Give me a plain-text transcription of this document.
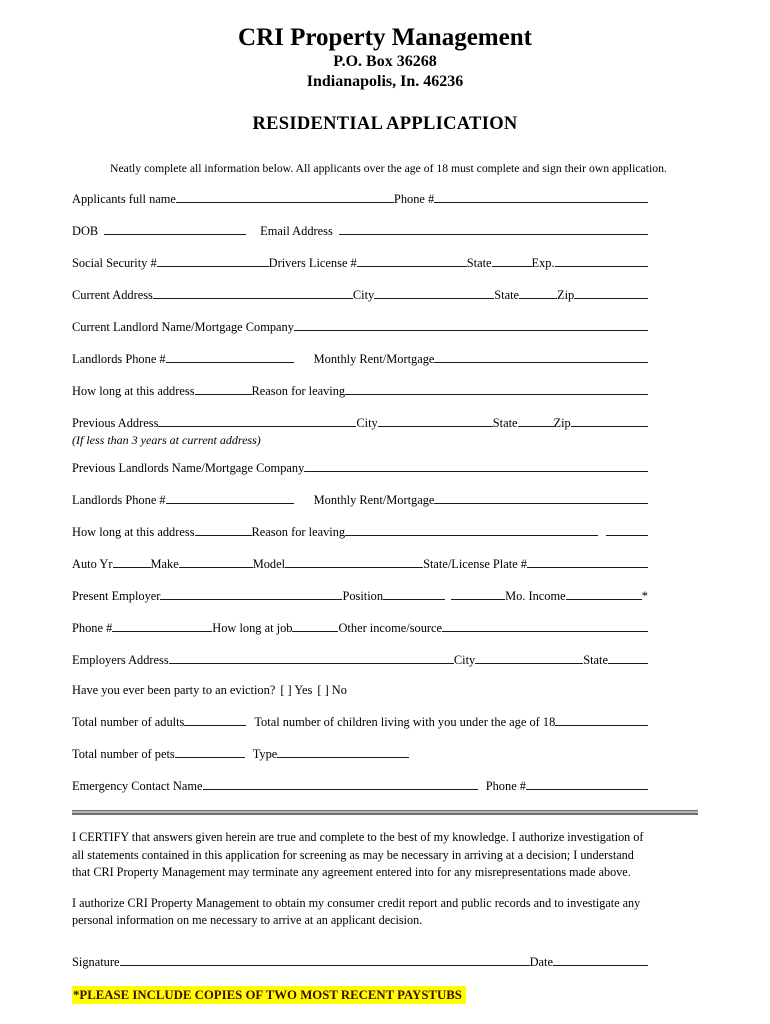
CRI Property Management
P.O. Box 36268
Indianapolis, In. 46236
RESIDENTIAL APPLICATION
Neatly complete all information below. All applicants over the age of 18 must complete and sign their own application.
Applicants full name	Phone #
DOB	Email Address
Social Security #	Drivers License #	State	Exp.
Current Address	City	State	Zip
Current Landlord Name/Mortgage Company
Landlords Phone #	Monthly Rent/Mortgage
How long at this address	Reason for leaving
Previous Address	City	State	Zip
(If less than 3 years at current address)
Previous Landlords Name/Mortgage Company
Landlords Phone #	Monthly Rent/Mortgage
How long at this address	Reason for leaving
Auto Yr	Make	Model	State/License Plate #
Present Employer	Position	Mo. Income	*
Phone #	How long at job	Other income/source
Employers Address	City	State
Have you ever been party to an eviction? [ ] Yes [ ] No
Total number of adults	Total number of children living with you under the age of 18
Total number of pets	Type
Emergency Contact Name	Phone #

I CERTIFY that answers given herein are true and complete to the best of my knowledge. I authorize investigation of all statements contained in this application for screening as may be necessary in arriving at a decision; I understand that CRI Property Management may terminate any agreement entered into for any misrepresentations made above.

I authorize CRI Property Management to obtain my consumer credit report and public records and to investigate any personal information on me necessary to arrive at an applicant decision.

Signature	Date
*PLEASE INCLUDE COPIES OF TWO MOST RECENT PAYSTUBS
